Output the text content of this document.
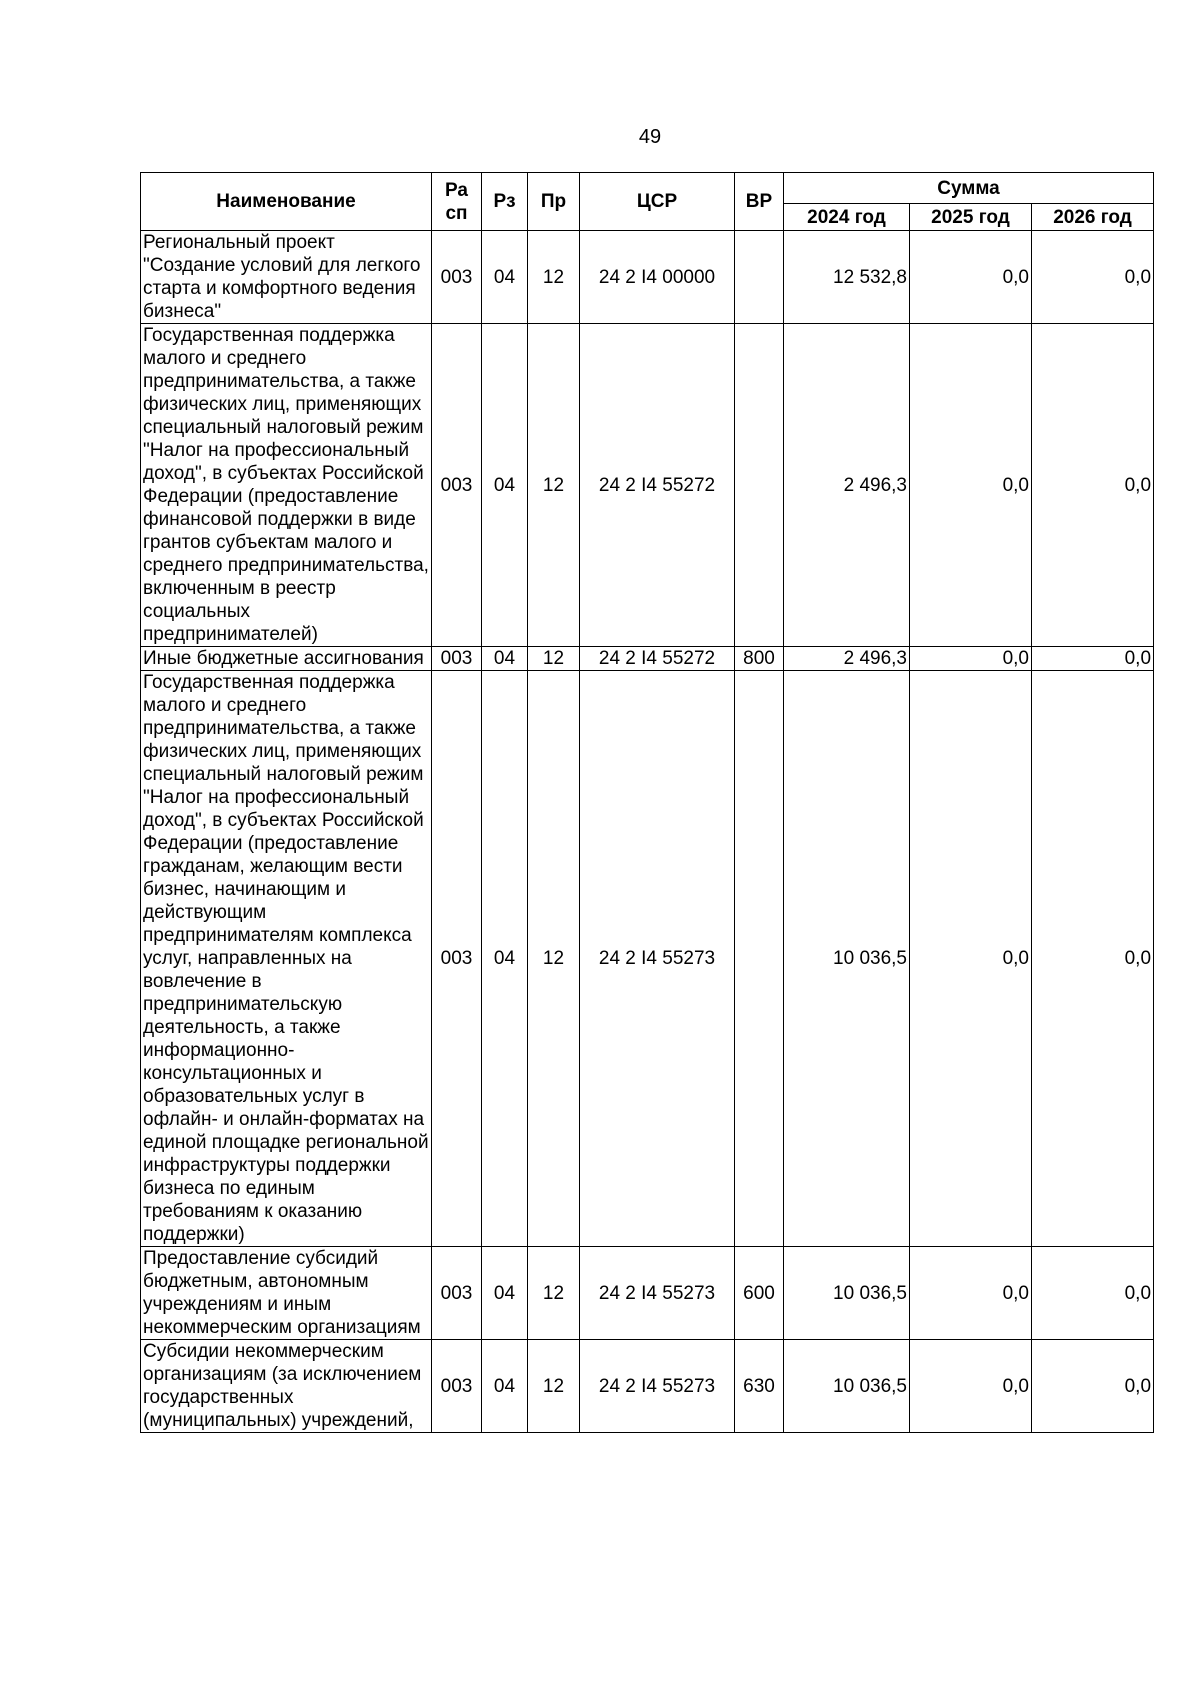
49
Наименование	Ра сп	Рз	Пр	ЦСР	ВР	Сумма		
						2024 год	2025 год	2026 год
Региональный проект "Создание условий для легкого старта и комфортного ведения бизнеса"	003	04	12	24 2 I4 00000		12 532,8	0,0	0,0
Государственная поддержка малого и среднего предпринимательства, а также физических лиц, применяющих специальный налоговый режим "Налог на профессиональный доход", в субъектах Российской Федерации (предоставление финансовой поддержки в виде грантов субъектам малого и среднего предпринимательства, включенным в реестр социальных предпринимателей)	003	04	12	24 2 I4 55272		2 496,3	0,0	0,0
Иные бюджетные ассигнования	003	04	12	24 2 I4 55272	800	2 496,3	0,0	0,0
Государственная поддержка малого и среднего предпринимательства, а также физических лиц, применяющих специальный налоговый режим "Налог на профессиональный доход", в субъектах Российской Федерации (предоставление гражданам, желающим вести бизнес, начинающим и действующим предпринимателям комплекса услуг, направленных на вовлечение в предпринимательскую деятельность, а также информационно-консультационных и образовательных услуг в офлайн- и онлайн-форматах на единой площадке региональной инфраструктуры поддержки бизнеса по единым требованиям к оказанию поддержки)	003	04	12	24 2 I4 55273		10 036,5	0,0	0,0
Предоставление субсидий бюджетным, автономным учреждениям и иным некоммерческим организациям	003	04	12	24 2 I4 55273	600	10 036,5	0,0	0,0
Субсидии некоммерческим организациям (за исключением государственных (муниципальных) учреждений,	003	04	12	24 2 I4 55273	630	10 036,5	0,0	0,0
